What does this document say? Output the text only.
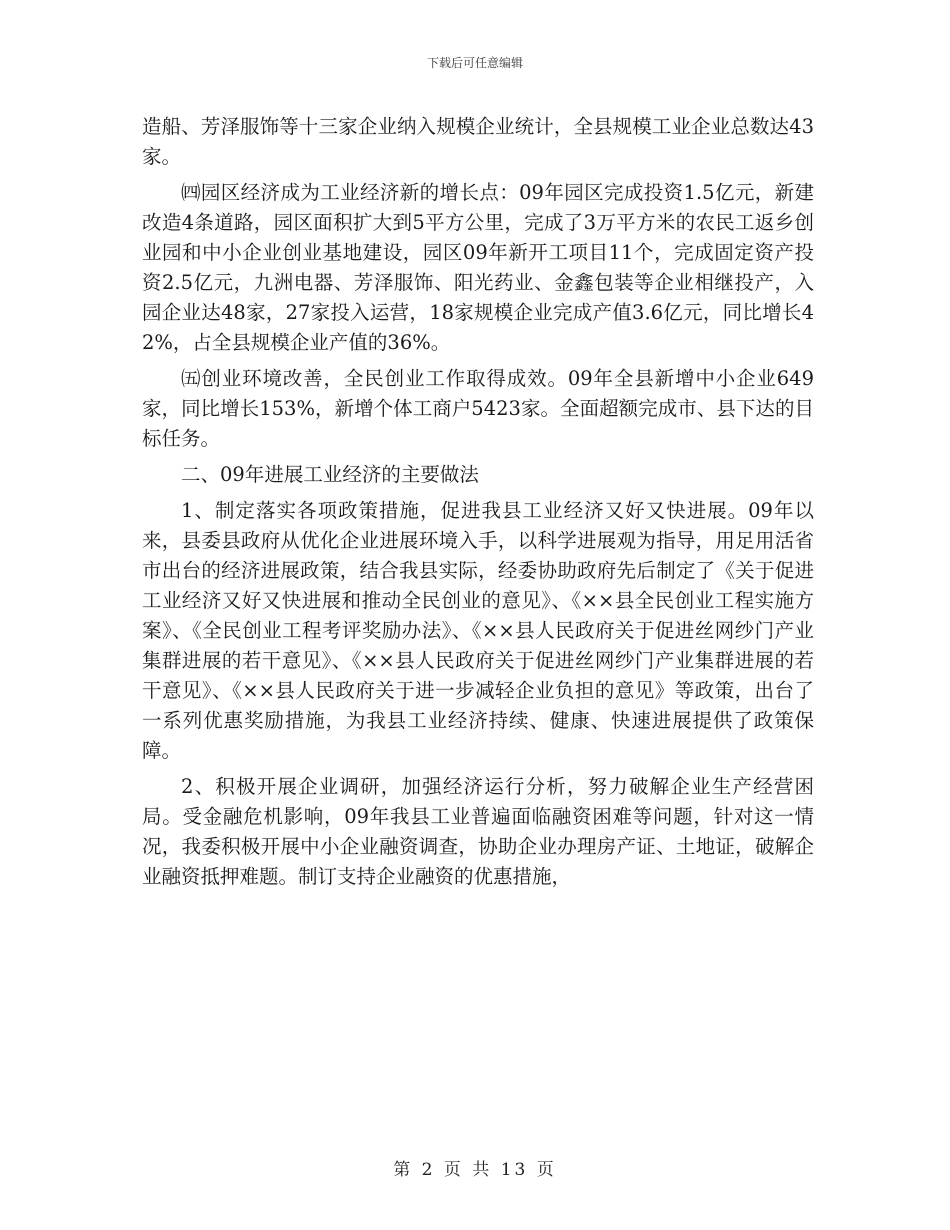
下载后可任意编辑

造船、芳泽服饰等十三家企业纳入规模企业统计，全县规模工业企业总数达43家。

㈣园区经济成为工业经济新的增长点：09年园区完成投资1.5亿元，新建改造4条道路，园区面积扩大到5平方公里，完成了3万平方米的农民工返乡创业园和中小企业创业基地建设，园区09年新开工项目11个，完成固定资产投资2.5亿元，九洲电器、芳泽服饰、阳光药业、金鑫包装等企业相继投产，入园企业达48家，27家投入运营，18家规模企业完成产值3.6亿元，同比增长42%，占全县规模企业产值的36%。

㈤创业环境改善，全民创业工作取得成效。09年全县新增中小企业649家，同比增长153%，新增个体工商户5423家。全面超额完成市、县下达的目标任务。

二、09年进展工业经济的主要做法

1、制定落实各项政策措施，促进我县工业经济又好又快进展。09年以来，县委县政府从优化企业进展环境入手，以科学进展观为指导，用足用活省市出台的经济进展政策，结合我县实际，经委协助政府先后制定了《关于促进工业经济又好又快进展和推动全民创业的意见》、《××县全民创业工程实施方案》、《全民创业工程考评奖励办法》、《××县人民政府关于促进丝网纱门产业集群进展的若干意见》、《××县人民政府关于促进丝网纱门产业集群进展的若干意见》、《××县人民政府关于进一步减轻企业负担的意见》等政策，出台了一系列优惠奖励措施，为我县工业经济持续、健康、快速进展提供了政策保障。

2、积极开展企业调研，加强经济运行分析，努力破解企业生产经营困局。受金融危机影响，09年我县工业普遍面临融资困难等问题，针对这一情况，我委积极开展中小企业融资调查，协助企业办理房产证、土地证，破解企业融资抵押难题。制订支持企业融资的优惠措施，

第 2 页 共 13 页
